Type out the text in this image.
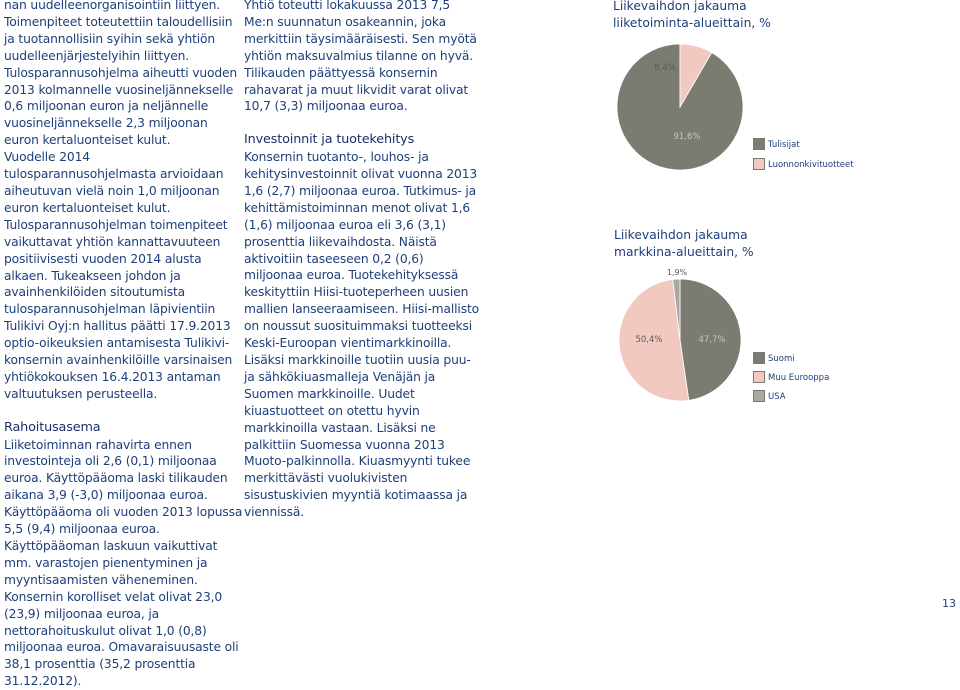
nan uudelleenorganisointiin liittyen. Toimenpiteet toteutettiin taloudellisiin ja tuotannollisiin syihin sekä yhtiön uudelleenjärjestelyihin liittyen.

Tulosparannusohjelma aiheutti vuoden 2013 kolmannelle vuosineljännekselle 0,6 miljoonan euron ja neljännelle vuosineljännekselle 2,3 miljoonan euron kertaluonteiset kulut.

Vuodelle 2014 tulosparannusohjelmasta arvioidaan aiheutuvan vielä noin 1,0 miljoonan euron kertaluonteiset kulut.

Tulosparannusohjelman toimenpiteet vaikuttavat yhtiön kannattavuuteen positiivisesti vuoden 2014 alusta alkaen. Tukeakseen johdon ja avainhenkilöiden sitoutumista tulosparannusohjelman läpivientiin Tulikivi Oyj:n hallitus päätti 17.9.2013 optio-oikeuksien antamisesta Tulikivi-konsernin avainhenkilöille varsinaisen yhtiökokouksen 16.4.2013 antaman valtuutuksen perusteella.

Rahoitusasema

Liiketoiminnan rahavirta ennen investointeja oli 2,6 (0,1) miljoonaa euroa. Käyttöpääoma laski tilikauden aikana 3,9 (-3,0) miljoonaa euroa. Käyttöpääoma oli vuoden 2013 lopussa 5,5 (9,4) miljoonaa euroa. Käyttöpääoman laskuun vaikuttivat mm. varastojen pienentyminen ja myyntisaamisten väheneminen. Konsernin korolliset velat olivat 23,0 (23,9) miljoonaa euroa, ja nettorahoituskulut olivat 1,0 (0,8) miljoonaa euroa. Omavaraisuusaste oli 38,1 prosenttia (35,2 prosenttia 31.12.2012).

Yhtiö toteutti lokakuussa 2013 7,5 Me:n suunnatun osakeannin, joka merkittiin täysimääräisesti. Sen myötä yhtiön maksuvalmius tilanne on hyvä.

Tilikauden päättyessä konsernin rahavarat ja muut likvidit varat olivat 10,7 (3,3) miljoonaa euroa.

Investoinnit ja tuotekehitys

Konsernin tuotanto-, louhos- ja kehitysinvestoinnit olivat vuonna 2013 1,6 (2,7) miljoonaa euroa. Tutkimus- ja kehittämistoiminnan menot olivat 1,6 (1,6) miljoonaa euroa eli 3,6 (3,1) prosenttia liikevaihdosta. Näistä aktivoitiin taseeseen 0,2 (0,6) miljoonaa euroa. Tuotekehityksessä keskityttiin Hiisi-tuoteperheen uusien mallien lanseeraamiseen. Hiisi-mallisto on noussut suosituimmaksi tuotteeksi Keski-Euroopan vientimarkkinoilla. Lisäksi markkinoille tuotiin uusia puu- ja sähkökiuasmalleja Venäjän ja Suomen markkinoille. Uudet kiuastuotteet on otettu hyvin markkinoilla vastaan. Lisäksi ne palkittiin Suomessa vuonna 2013 Muoto-palkinnolla. Kiuasmyynti tukee merkittävästi vuolukivisten sisustuskivien myyntiä kotimaassa ja viennissä.

Liikevaihdon jakauma liiketoiminta-alueittain, %
91,6%
8,4%
Tulisijat
Luonnonkivituotteet
Liikevaihdon jakauma markkina-alueittain, %
47,7%
50,4%
1,9%
Suomi
Muu Eurooppa
USA
13
